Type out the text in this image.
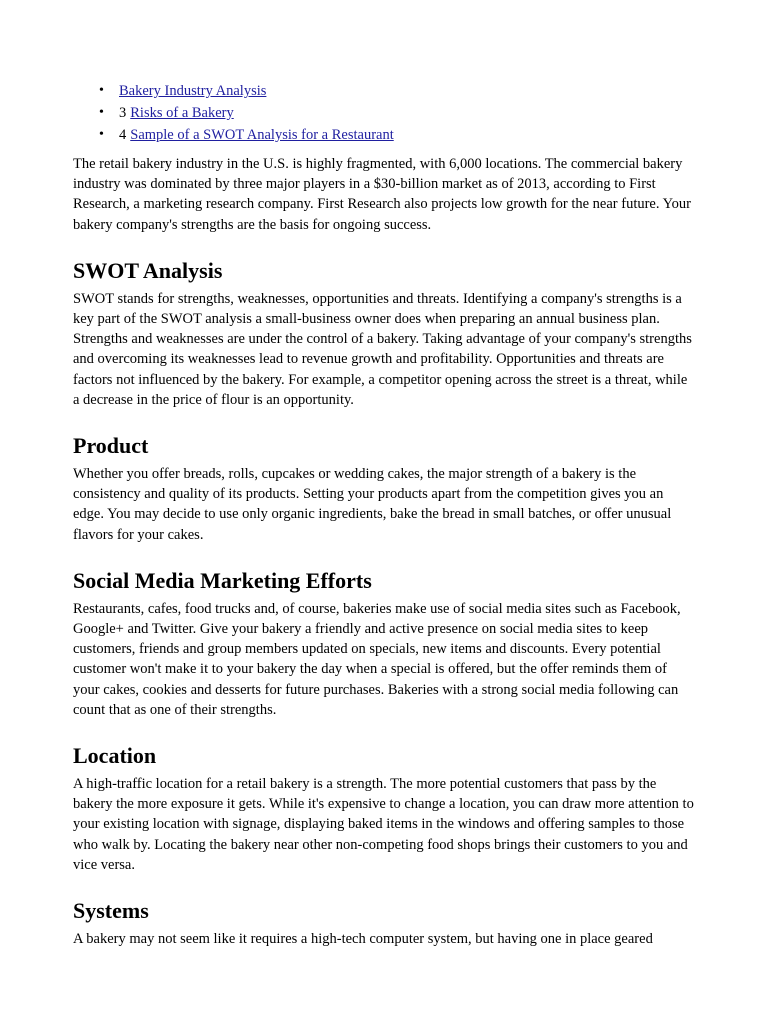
• Bakery Industry Analysis
• 3 Risks of a Bakery
• 4 Sample of a SWOT Analysis for a Restaurant

The retail bakery industry in the U.S. is highly fragmented, with 6,000 locations. The commercial bakery industry was dominated by three major players in a $30-billion market as of 2013, according to First Research, a marketing research company. First Research also projects low growth for the near future. Your bakery company's strengths are the basis for ongoing success.

SWOT Analysis

SWOT stands for strengths, weaknesses, opportunities and threats. Identifying a company's strengths is a key part of the SWOT analysis a small-business owner does when preparing an annual business plan. Strengths and weaknesses are under the control of a bakery. Taking advantage of your company's strengths and overcoming its weaknesses lead to revenue growth and profitability. Opportunities and threats are factors not influenced by the bakery. For example, a competitor opening across the street is a threat, while a decrease in the price of flour is an opportunity.

Product

Whether you offer breads, rolls, cupcakes or wedding cakes, the major strength of a bakery is the consistency and quality of its products. Setting your products apart from the competition gives you an edge. You may decide to use only organic ingredients, bake the bread in small batches, or offer unusual flavors for your cakes.

Social Media Marketing Efforts

Restaurants, cafes, food trucks and, of course, bakeries make use of social media sites such as Facebook, Google+ and Twitter. Give your bakery a friendly and active presence on social media sites to keep customers, friends and group members updated on specials, new items and discounts. Every potential customer won't make it to your bakery the day when a special is offered, but the offer reminds them of your cakes, cookies and desserts for future purchases. Bakeries with a strong social media following can count that as one of their strengths.

Location

A high-traffic location for a retail bakery is a strength. The more potential customers that pass by the bakery the more exposure it gets. While it's expensive to change a location, you can draw more attention to your existing location with signage, displaying baked items in the windows and offering samples to those who walk by. Locating the bakery near other non-competing food shops brings their customers to you and vice versa.

Systems

A bakery may not seem like it requires a high-tech computer system, but having one in place geared
